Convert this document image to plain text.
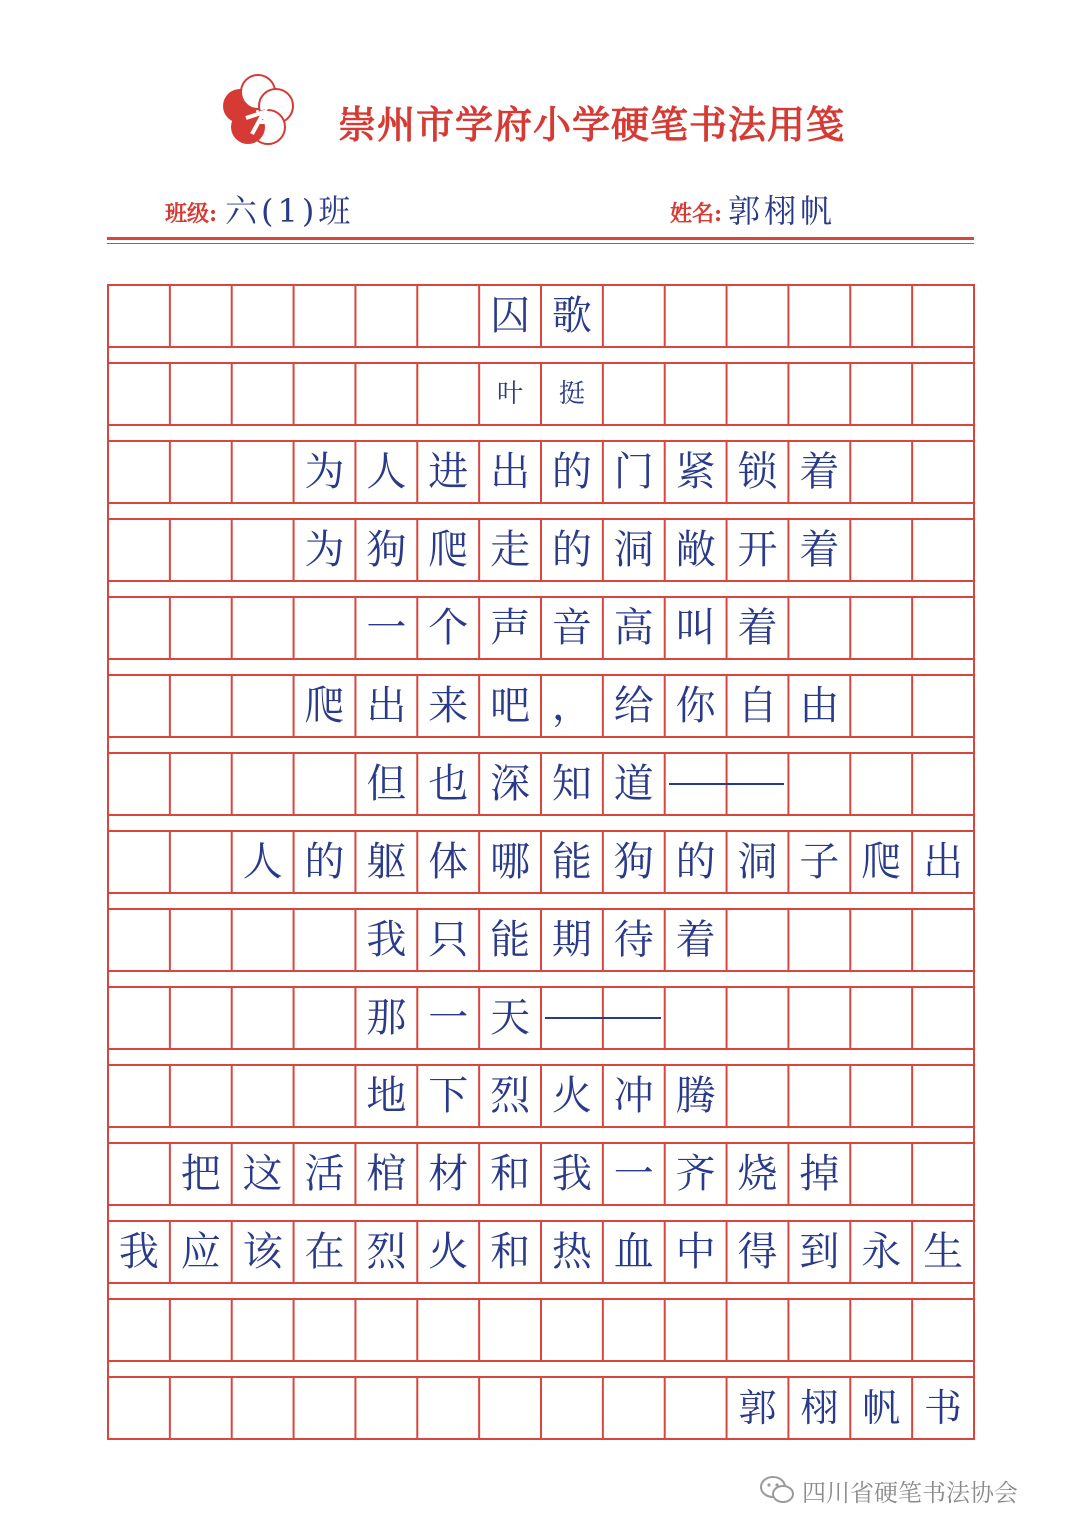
崇州市学府小学硬笔书法用笺
班级: 六(1)班	姓名: 郭栩帆
囚 歌
叶	挺
为 人 进 出 的 门 紧 锁 着
为 狗 爬 走 的 洞 敞 开 着
一 个 声 音 高 叫 着
爬 出 来 吧 ， 给 你 自 由
但 也 深 知 道
人 的 躯 体 哪 能 狗 的 洞 子 爬 出
我 只 能 期 待 着
那 一 天
地 下 烈 火 冲 腾
把 这 活 棺 材 和 我 一 齐 烧 掉
我 应 该 在 烈 火 和 热 血 中 得 到 永 生
郭 栩 帆 书
四川省硬笔书法协会
